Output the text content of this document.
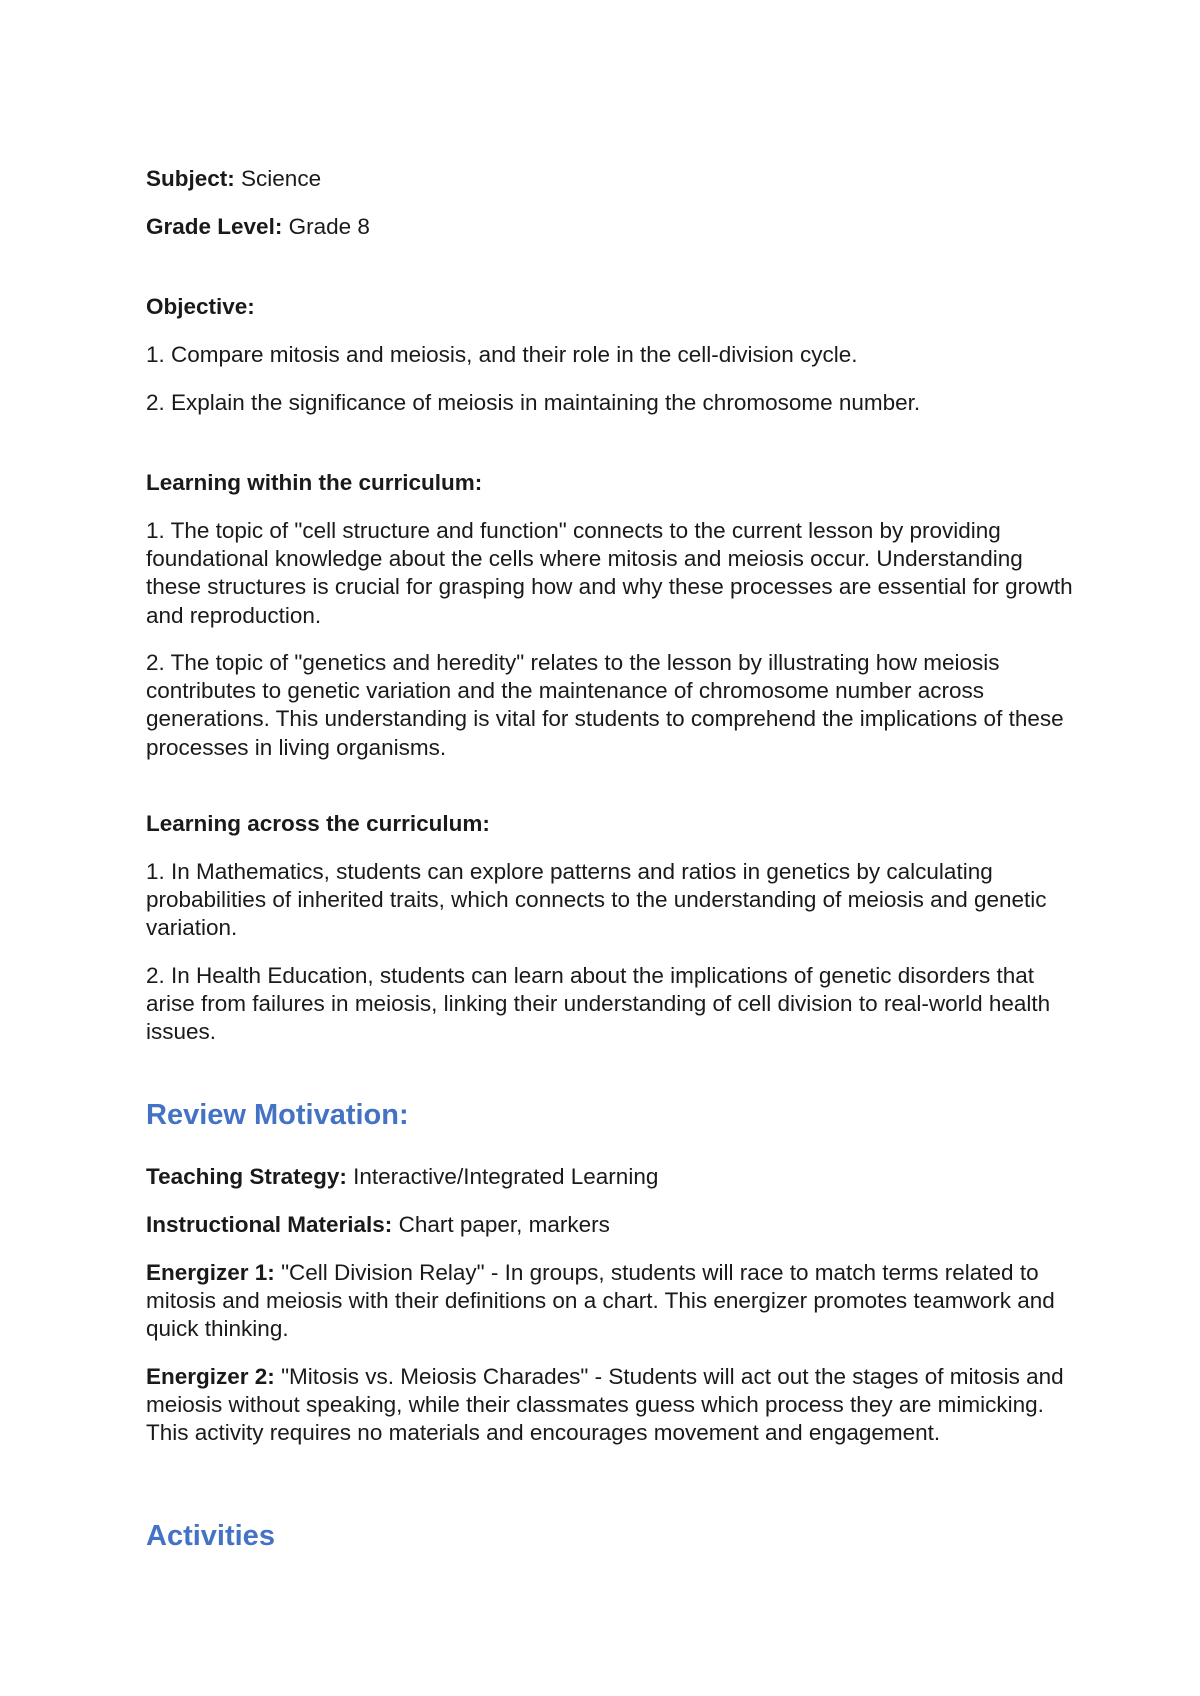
Subject: Science

Grade Level: Grade 8

Objective:

1. Compare mitosis and meiosis, and their role in the cell-division cycle.

2. Explain the significance of meiosis in maintaining the chromosome number.

Learning within the curriculum:

1. The topic of "cell structure and function" connects to the current lesson by providing foundational knowledge about the cells where mitosis and meiosis occur. Understanding these structures is crucial for grasping how and why these processes are essential for growth and reproduction.

2. The topic of "genetics and heredity" relates to the lesson by illustrating how meiosis contributes to genetic variation and the maintenance of chromosome number across generations. This understanding is vital for students to comprehend the implications of these processes in living organisms.

Learning across the curriculum:

1. In Mathematics, students can explore patterns and ratios in genetics by calculating probabilities of inherited traits, which connects to the understanding of meiosis and genetic variation.

2. In Health Education, students can learn about the implications of genetic disorders that arise from failures in meiosis, linking their understanding of cell division to real-world health issues.

Review Motivation:

Teaching Strategy: Interactive/Integrated Learning

Instructional Materials: Chart paper, markers

Energizer 1: "Cell Division Relay" - In groups, students will race to match terms related to mitosis and meiosis with their definitions on a chart. This energizer promotes teamwork and quick thinking.

Energizer 2: "Mitosis vs. Meiosis Charades" - Students will act out the stages of mitosis and meiosis without speaking, while their classmates guess which process they are mimicking. This activity requires no materials and encourages movement and engagement.

Activities
